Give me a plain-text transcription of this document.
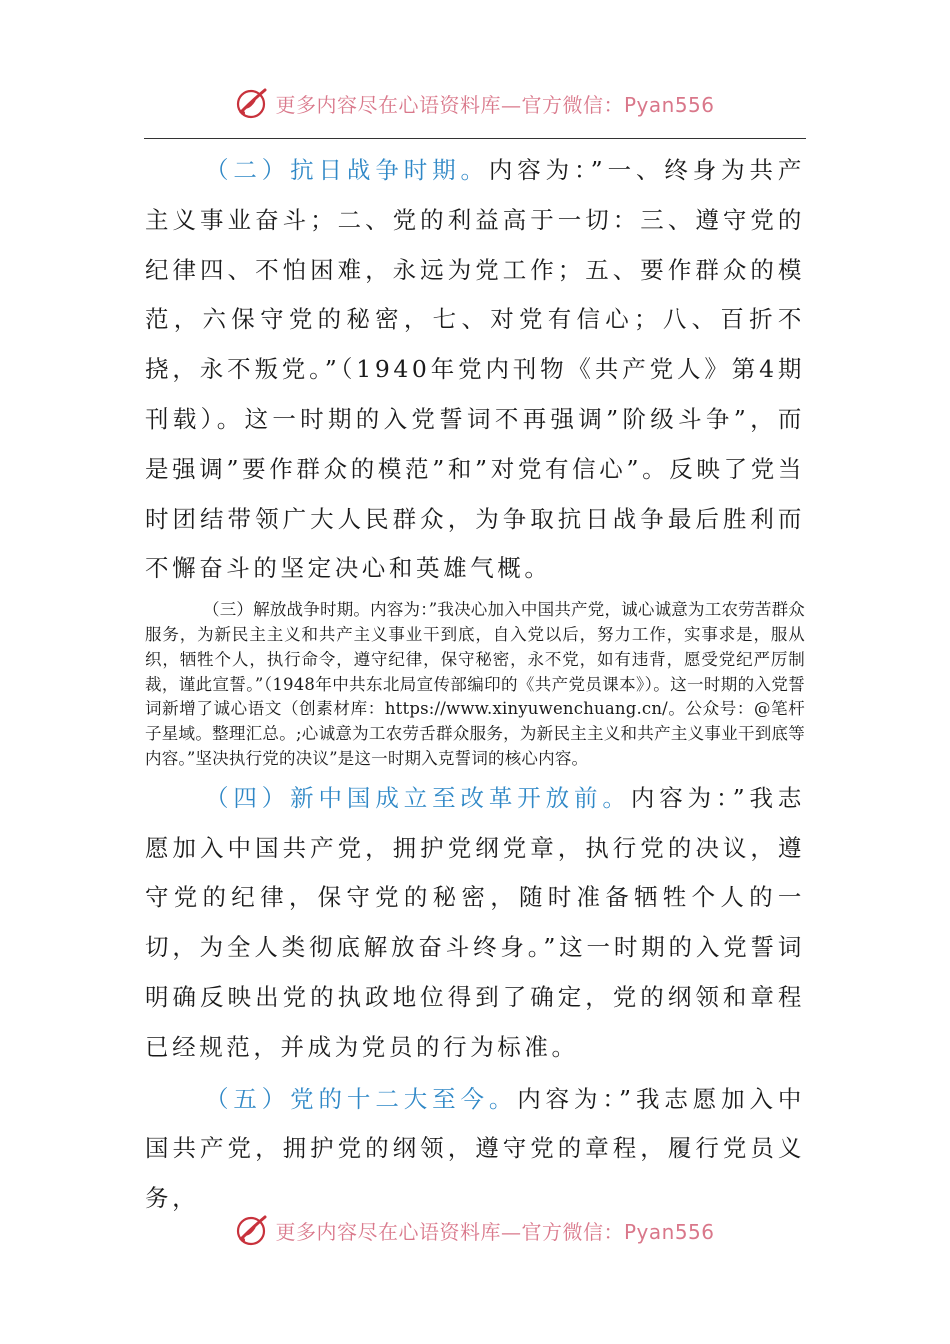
更多内容尽在心语资料库—官方微信：Pyan556

（二）抗日战争时期。内容为：”一、终身为共产主义事业奋斗；二、党的利益高于一切：三、遵守党的纪律四、不怕困难，永远为党工作；五、要作群众的模范，六保守党的秘密，七、对党有信心；八、百折不挠，永不叛党。”（1940年党内刊物《共产党人》第4期刊载）。这一时期的入党誓词不再强调”阶级斗争”，而是强调”要作群众的模范”和”对党有信心”。反映了党当时团结带领广大人民群众，为争取抗日战争最后胜利而不懈奋斗的坚定决心和英雄气概。

（三）解放战争时期。内容为：”我决心加入中国共产党，诚心诚意为工农劳苦群众服务，为新民主主义和共产主义事业干到底，自入党以后，努力工作，实事求是，服从织，牺牲个人，执行命令，遵守纪律，保守秘密，永不党，如有违背，愿受党纪严厉制裁，谨此宣誓。”（1948年中共东北局宣传部编印的《共产党员课本》）。这一时期的入党誓词新增了诚心语文（创素材库：https://www.xinyuwenchuang.cn/。公众号：@笔杆子星域。整理汇总。;心诚意为工农劳舌群众服务，为新民主主义和共产主义事业干到底等内容。”坚决执行党的决议”是这一时期入克誓词的核心内容。

（四）新中国成立至改革开放前。内容为：”我志愿加入中国共产党，拥护党纲党章，执行党的决议，遵守党的纪律，保守党的秘密，随时准备牺牲个人的一切，为全人类彻底解放奋斗终身。”这一时期的入党誓词明确反映出党的执政地位得到了确定，党的纲领和章程已经规范，并成为党员的行为标准。

（五）党的十二大至今。内容为：”我志愿加入中国共产党，拥护党的纲领，遵守党的章程，履行党员义务，

更多内容尽在心语资料库—官方微信：Pyan556
